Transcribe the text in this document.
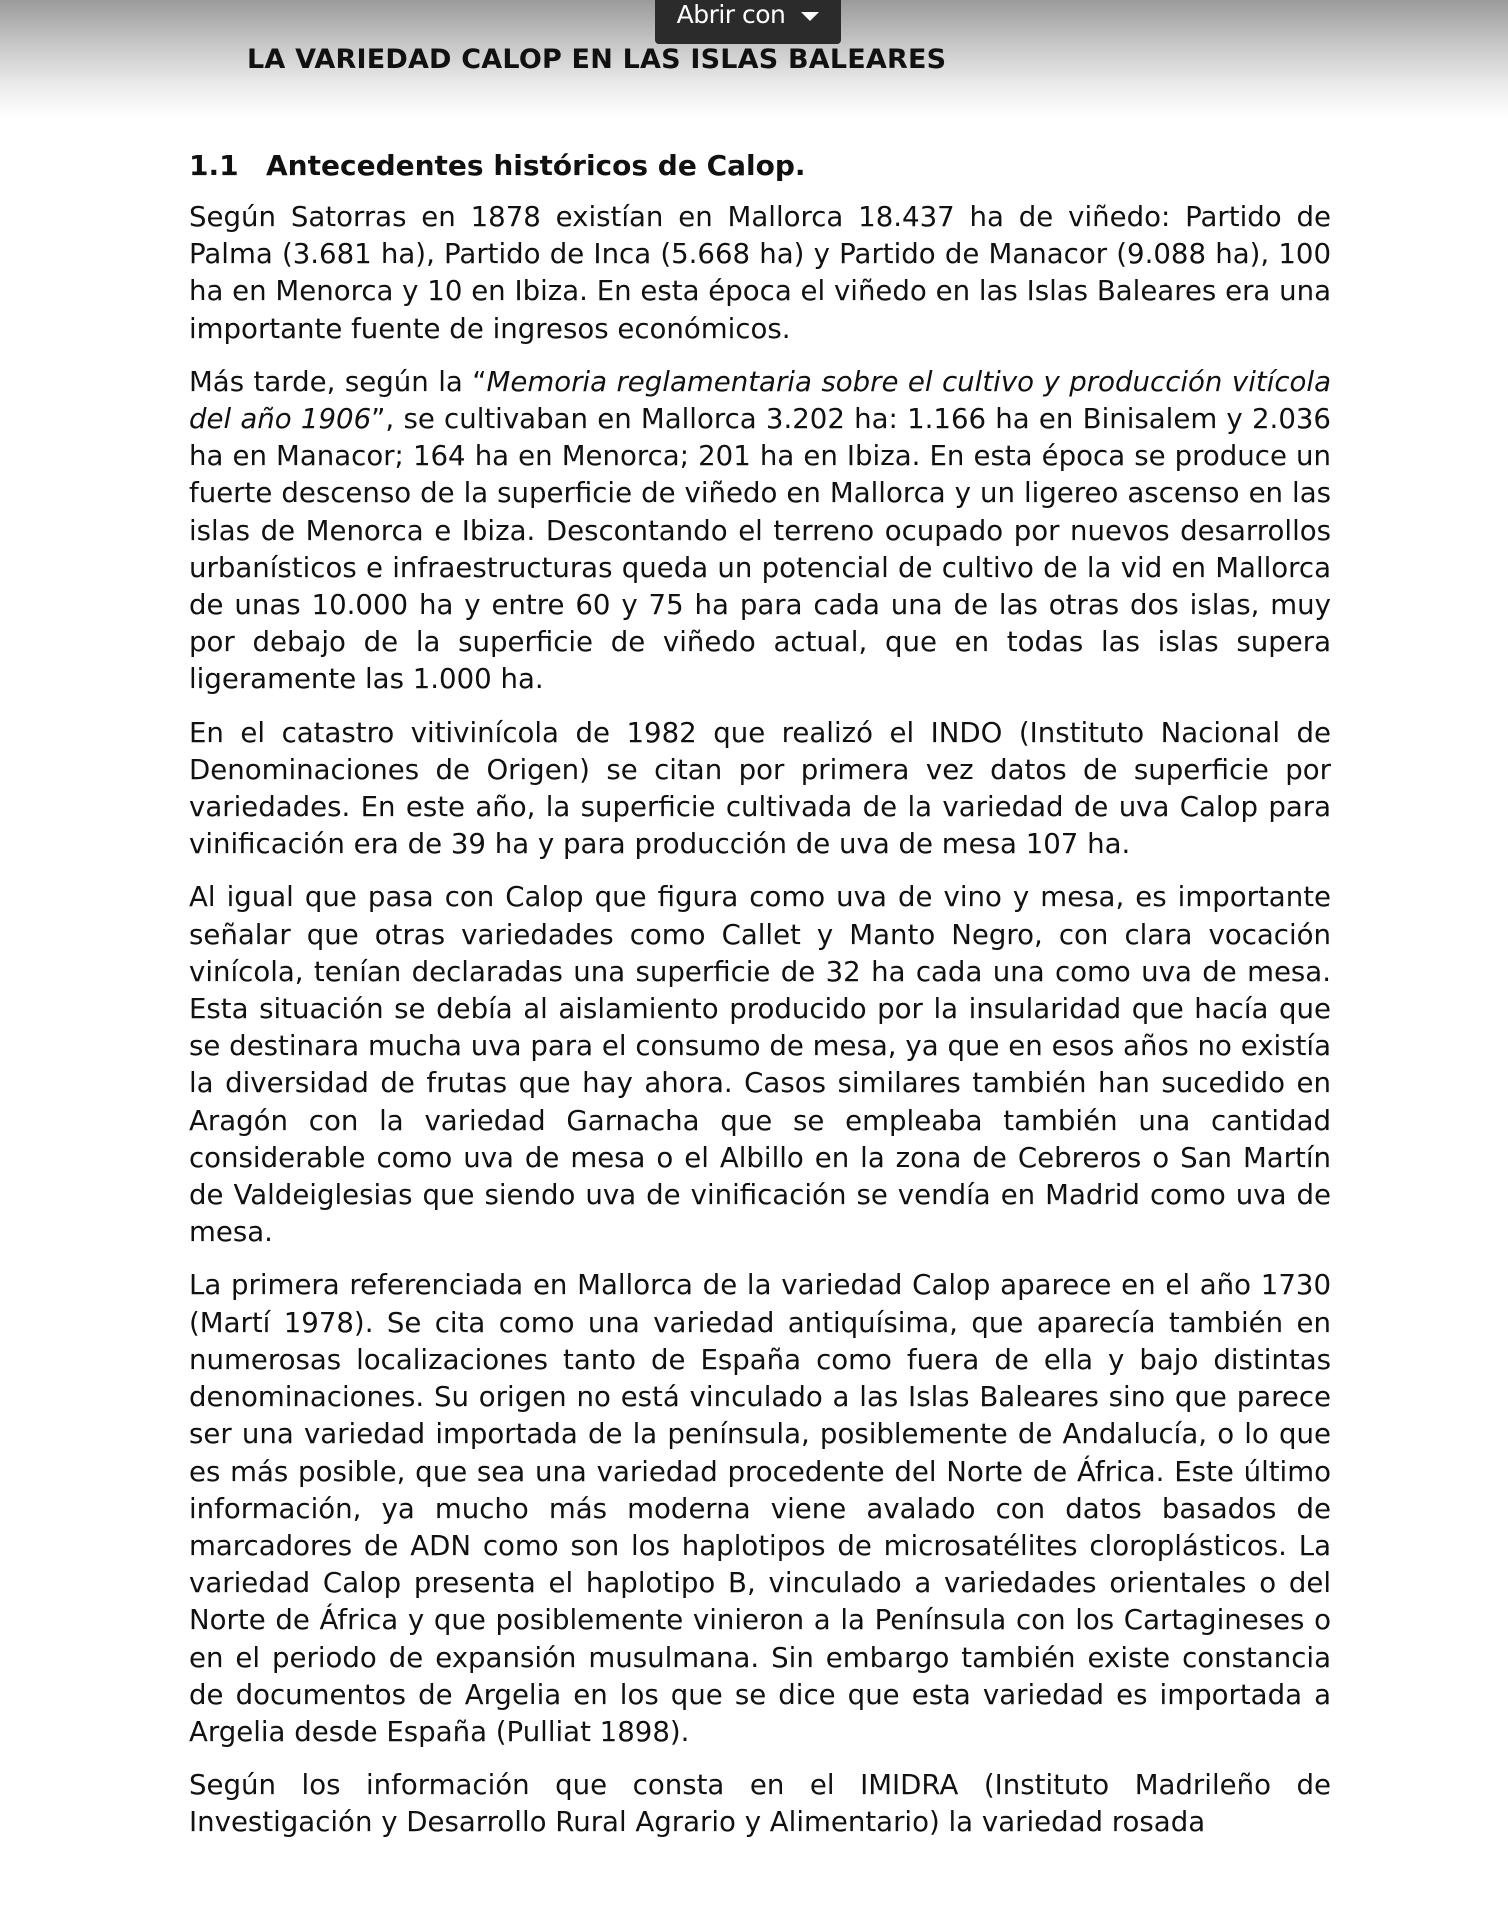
Abrir con
LA VARIEDAD CALOP EN LAS ISLAS BALEARES
1.1 Antecedentes históricos de Calop.

Según Satorras en 1878 existían en Mallorca 18.437 ha de viñedo: Partido de Palma (3.681 ha), Partido de Inca (5.668 ha) y Partido de Manacor (9.088 ha), 100 ha en Menorca y 10 en Ibiza. En esta época el viñedo en las Islas Baleares era una importante fuente de ingresos económicos.

Más tarde, según la “Memoria reglamentaria sobre el cultivo y producción vitícola del año 1906”, se cultivaban en Mallorca 3.202 ha: 1.166 ha en Binisalem y 2.036 ha en Manacor; 164 ha en Menorca; 201 ha en Ibiza. En esta época se produce un fuerte descenso de la superficie de viñedo en Mallorca y un ligereo ascenso en las islas de Menorca e Ibiza. Descontando el terreno ocupado por nuevos desarrollos urbanísticos e infraestructuras queda un potencial de cultivo de la vid en Mallorca de unas 10.000 ha y entre 60 y 75 ha para cada una de las otras dos islas, muy por debajo de la superficie de viñedo actual, que en todas las islas supera ligeramente las 1.000 ha.

En el catastro vitivinícola de 1982 que realizó el INDO (Instituto Nacional de Denominaciones de Origen) se citan por primera vez datos de superficie por variedades. En este año, la superficie cultivada de la variedad de uva Calop para vinificación era de 39 ha y para producción de uva de mesa 107 ha.

Al igual que pasa con Calop que figura como uva de vino y mesa, es importante señalar que otras variedades como Callet y Manto Negro, con clara vocación vinícola, tenían declaradas una superficie de 32 ha cada una como uva de mesa. Esta situación se debía al aislamiento producido por la insularidad que hacía que se destinara mucha uva para el consumo de mesa, ya que en esos años no existía la diversidad de frutas que hay ahora. Casos similares también han sucedido en Aragón con la variedad Garnacha que se empleaba también una cantidad considerable como uva de mesa o el Albillo en la zona de Cebreros o San Martín de Valdeiglesias que siendo uva de vinificación se vendía en Madrid como uva de mesa.

La primera referenciada en Mallorca de la variedad Calop aparece en el año 1730 (Martí 1978). Se cita como una variedad antiquísima, que aparecía también en numerosas localizaciones tanto de España como fuera de ella y bajo distintas denominaciones. Su origen no está vinculado a las Islas Baleares sino que parece ser una variedad importada de la península, posiblemente de Andalucía, o lo que es más posible, que sea una variedad procedente del Norte de África. Este último información, ya mucho más moderna viene avalado con datos basados de marcadores de ADN como son los haplotipos de microsatélites cloroplásticos. La variedad Calop presenta el haplotipo B, vinculado a variedades orientales o del Norte de África y que posiblemente vinieron a la Península con los Cartagineses o en el periodo de expansión musulmana. Sin embargo también existe constancia de documentos de Argelia en los que se dice que esta variedad es importada a Argelia desde España (Pulliat 1898).

Según los información que consta en el IMIDRA (Instituto Madrileño de Investigación y Desarrollo Rural Agrario y Alimentario) la variedad rosada
